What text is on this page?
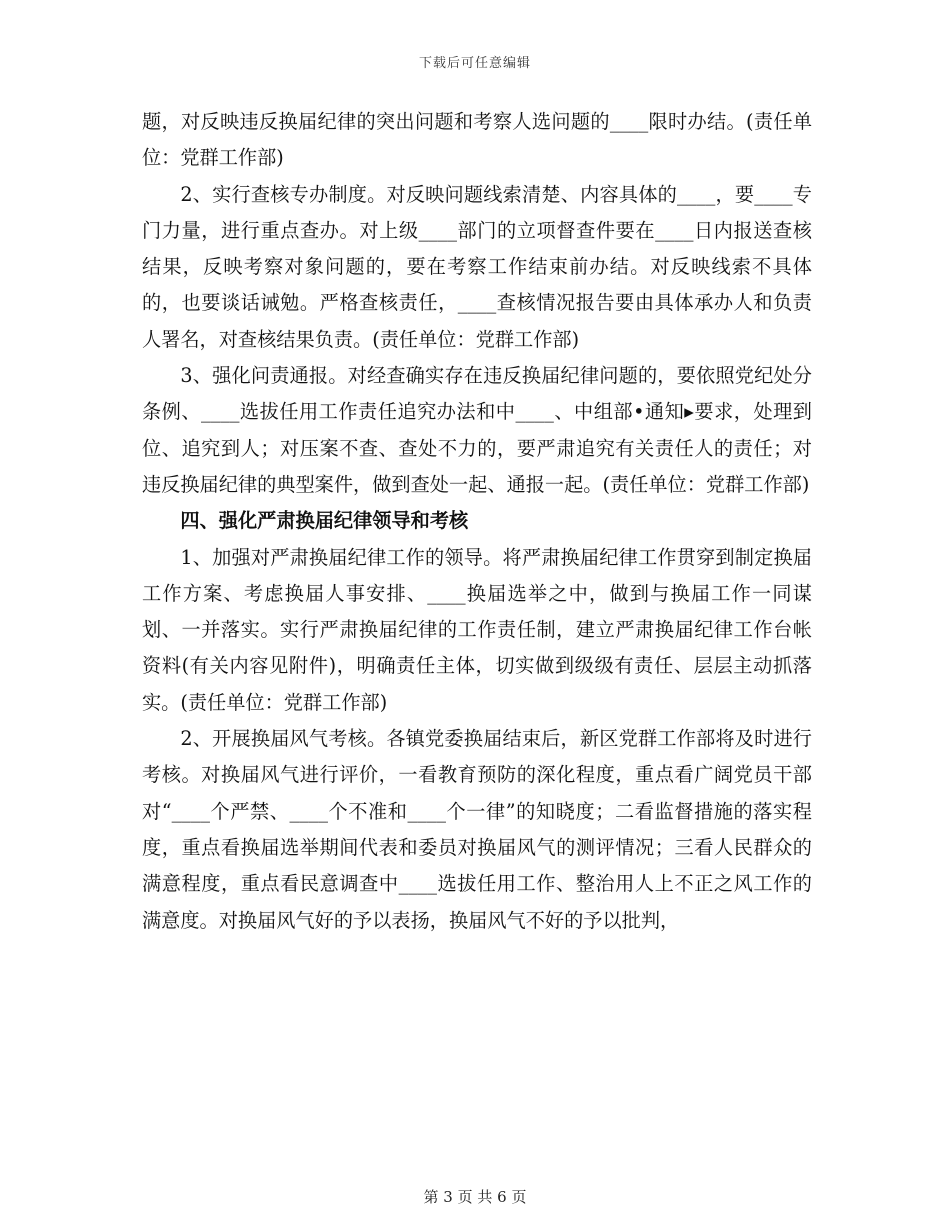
下载后可任意编辑

题，对反映违反换届纪律的突出问题和考察人选问题的____限时办结。(责任单位：党群工作部)

2、实行查核专办制度。对反映问题线索清楚、内容具体的____，要____专门力量，进行重点查办。对上级____部门的立项督查件要在____日内报送查核结果，反映考察对象问题的，要在考察工作结束前办结。对反映线索不具体的，也要谈话诫勉。严格查核责任，____查核情况报告要由具体承办人和负责人署名，对查核结果负责。(责任单位：党群工作部)

3、强化问责通报。对经查确实存在违反换届纪律问题的，要依照党纪处分条例、____选拔任用工作责任追究办法和中____、中组部•通知▸要求，处理到位、追究到人；对压案不查、查处不力的，要严肃追究有关责任人的责任；对违反换届纪律的典型案件，做到查处一起、通报一起。(责任单位：党群工作部)

四、强化严肃换届纪律领导和考核

1、加强对严肃换届纪律工作的领导。将严肃换届纪律工作贯穿到制定换届工作方案、考虑换届人事安排、____换届选举之中，做到与换届工作一同谋划、一并落实。实行严肃换届纪律的工作责任制，建立严肃换届纪律工作台帐资料(有关内容见附件)，明确责任主体，切实做到级级有责任、层层主动抓落实。(责任单位：党群工作部)

2、开展换届风气考核。各镇党委换届结束后，新区党群工作部将及时进行考核。对换届风气进行评价，一看教育预防的深化程度，重点看广阔党员干部对“____个严禁、____个不准和____个一律”的知晓度；二看监督措施的落实程度，重点看换届选举期间代表和委员对换届风气的测评情况；三看人民群众的满意程度，重点看民意调查中____选拔任用工作、整治用人上不正之风工作的满意度。对换届风气好的予以表扬，换届风气不好的予以批判，

第 3 页 共 6 页
